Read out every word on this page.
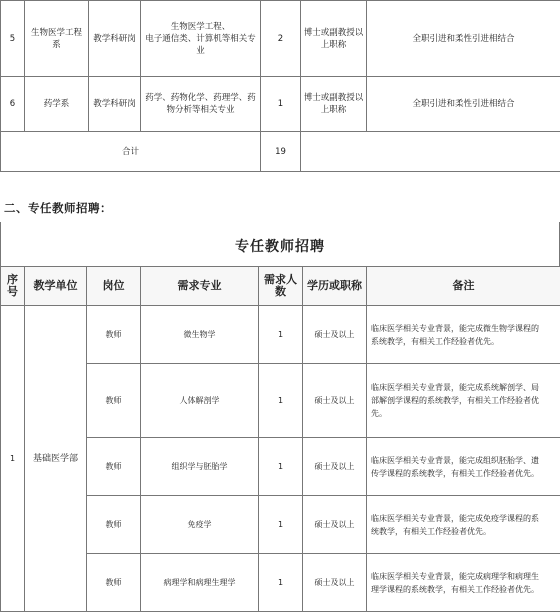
5	生物医学工程系	教学科研岗	生物医学工程、
电子通信类、计算机等相关专业	2	博士或副教授以
上职称	全职引进和柔性引进相结合
6	药学系	教学科研岗	药学、药物化学、药理学、药
物分析等相关专业	1	博士或副教授以
上职称	全职引进和柔性引进相结合
合计				19		
二、专任教师招聘：
专任教师招聘
序号	教学单位	岗位	需求专业	需求人数	学历或职称	备注
1	基础医学部	教师	微生物学	1	硕士及以上	临床医学相关专业背景，能完成微生物学课程的
系统教学，有相关工作经验者优先。
		教师	人体解剖学	1	硕士及以上	临床医学相关专业背景，能完成系统解剖学、局
部解剖学课程的系统教学，有相关工作经验者优
先。
		教师	组织学与胚胎学	1	硕士及以上	临床医学相关专业背景，能完成组织胚胎学、遗
传学课程的系统教学，有相关工作经验者优先。
		教师	免疫学	1	硕士及以上	临床医学相关专业背景，能完成免疫学课程的系
统教学，有相关工作经验者优先。
		教师	病理学和病理生理学	1	硕士及以上	临床医学相关专业背景，能完成病理学和病理生
理学课程的系统教学，有相关工作经验者优先。
